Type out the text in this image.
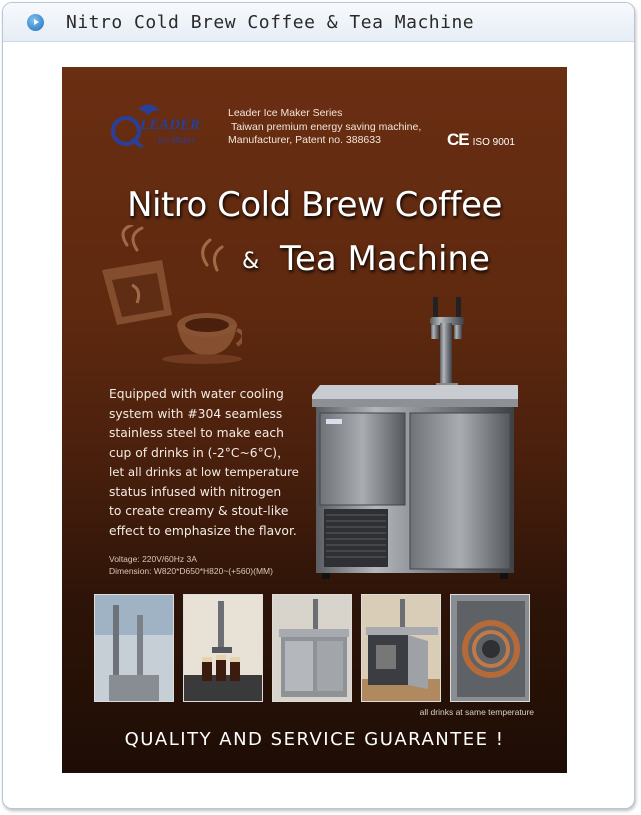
Nitro Cold Brew Coffee & Tea Machine
LEADER
Ice Maker
Leader Ice Maker Series
Taiwan premium energy saving machine,
Manufacturer, Patent no. 388633	CE ISO 9001
Nitro Cold Brew Coffee
& Tea Machine
Equipped with water cooling
system with #304 seamless
stainless steel to make each
cup of drinks in (-2°C~6°C)，
let all drinks at low temperature
status infused with nitrogen
to create creamy & stout-like
effect to emphasize the flavor.
Voltage: 220V/60Hz 3A
Dimension: W820*D650*H820~(+560)(MM)
all drinks at same temperature
QUALITY AND SERVICE GUARANTEE !
